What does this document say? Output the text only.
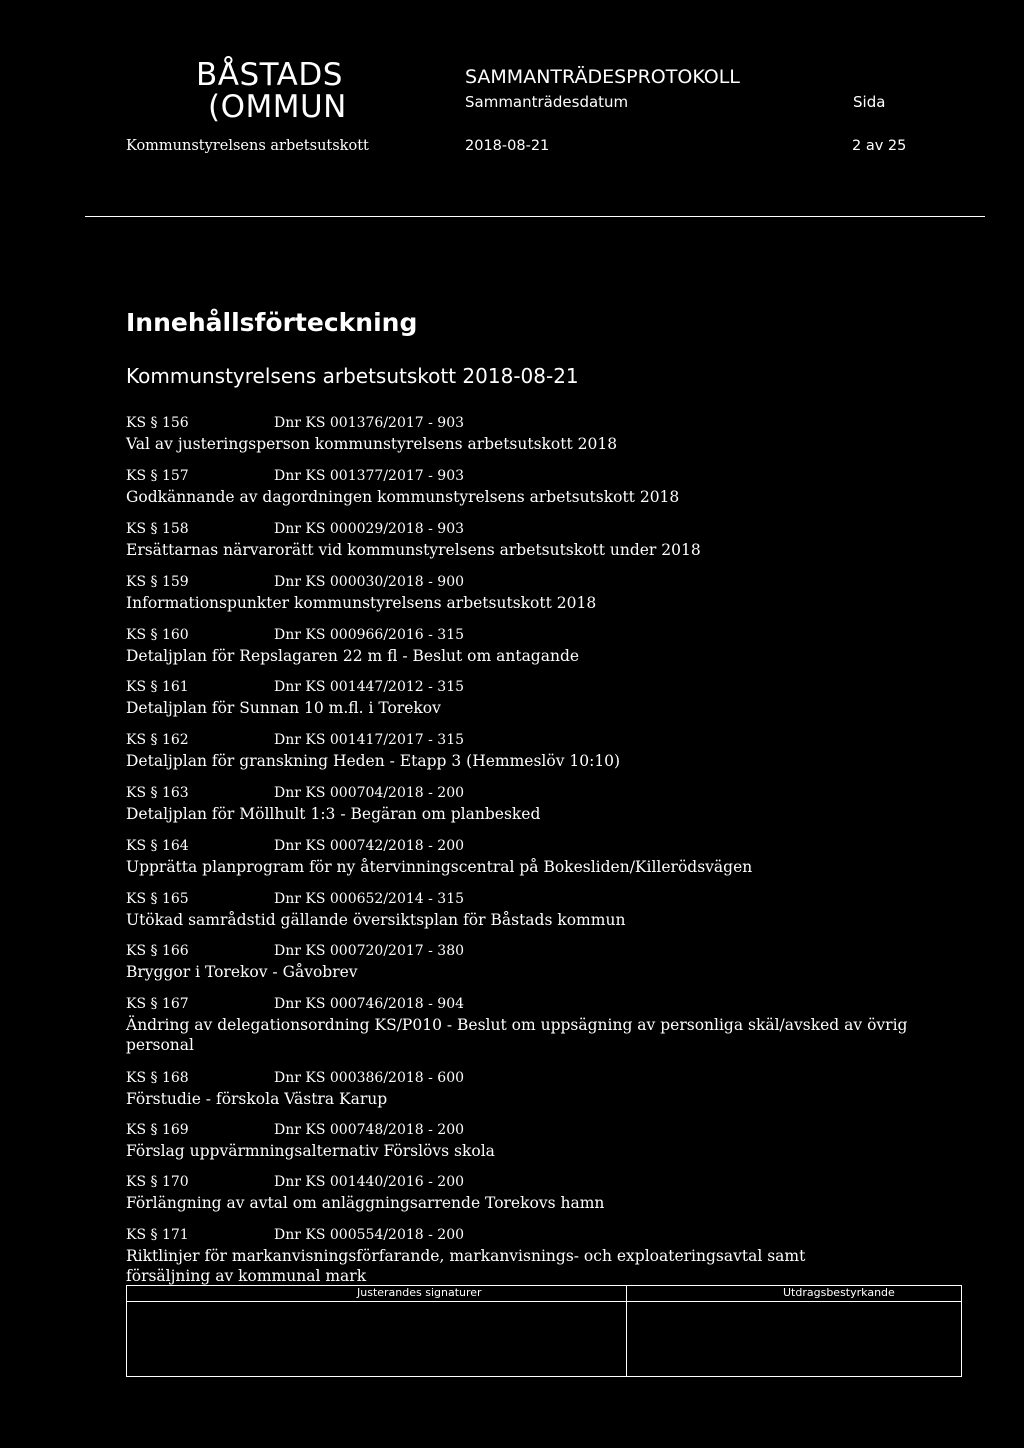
BÅSTADS
(OMMUN
SAMMANTRÄDESPROTOKOLL
Sammanträdesdatum	Sida
Kommunstyrelsens arbetsutskott	2018-08-21	2 av 25
Innehållsförteckning
Kommunstyrelsens arbetsutskott 2018-08-21
KS § 156	Dnr KS 001376/2017 - 903
Val av justeringsperson kommunstyrelsens arbetsutskott 2018
KS § 157	Dnr KS 001377/2017 - 903
Godkännande av dagordningen kommunstyrelsens arbetsutskott 2018
KS § 158	Dnr KS 000029/2018 - 903
Ersättarnas närvarorätt vid kommunstyrelsens arbetsutskott under 2018
KS § 159	Dnr KS 000030/2018 - 900
Informationspunkter kommunstyrelsens arbetsutskott 2018
KS § 160	Dnr KS 000966/2016 - 315
Detaljplan för Repslagaren 22 m fl - Beslut om antagande
KS § 161	Dnr KS 001447/2012 - 315
Detaljplan för Sunnan 10 m.fl. i Torekov
KS § 162	Dnr KS 001417/2017 - 315
Detaljplan för granskning Heden - Etapp 3 (Hemmeslöv 10:10)
KS § 163	Dnr KS 000704/2018 - 200
Detaljplan för Möllhult 1:3 - Begäran om planbesked
KS § 164	Dnr KS 000742/2018 - 200
Upprätta planprogram för ny återvinningscentral på Bokesliden/Killerödsvägen
KS § 165	Dnr KS 000652/2014 - 315
Utökad samrådstid gällande översiktsplan för Båstads kommun
KS § 166	Dnr KS 000720/2017 - 380
Bryggor i Torekov - Gåvobrev
KS § 167	Dnr KS 000746/2018 - 904
Ändring av delegationsordning KS/P010 - Beslut om uppsägning av personliga skäl/avsked av övrig personal
KS § 168	Dnr KS 000386/2018 - 600
Förstudie - förskola Västra Karup
KS § 169	Dnr KS 000748/2018 - 200
Förslag uppvärmningsalternativ Förslövs skola
KS § 170	Dnr KS 001440/2016 - 200
Förlängning av avtal om anläggningsarrende Torekovs hamn
KS § 171	Dnr KS 000554/2018 - 200
Riktlinjer för markanvisningsförfarande, markanvisnings- och exploateringsavtal samt försäljning av kommunal mark
Justerandes signaturer	Utdragsbestyrkande
